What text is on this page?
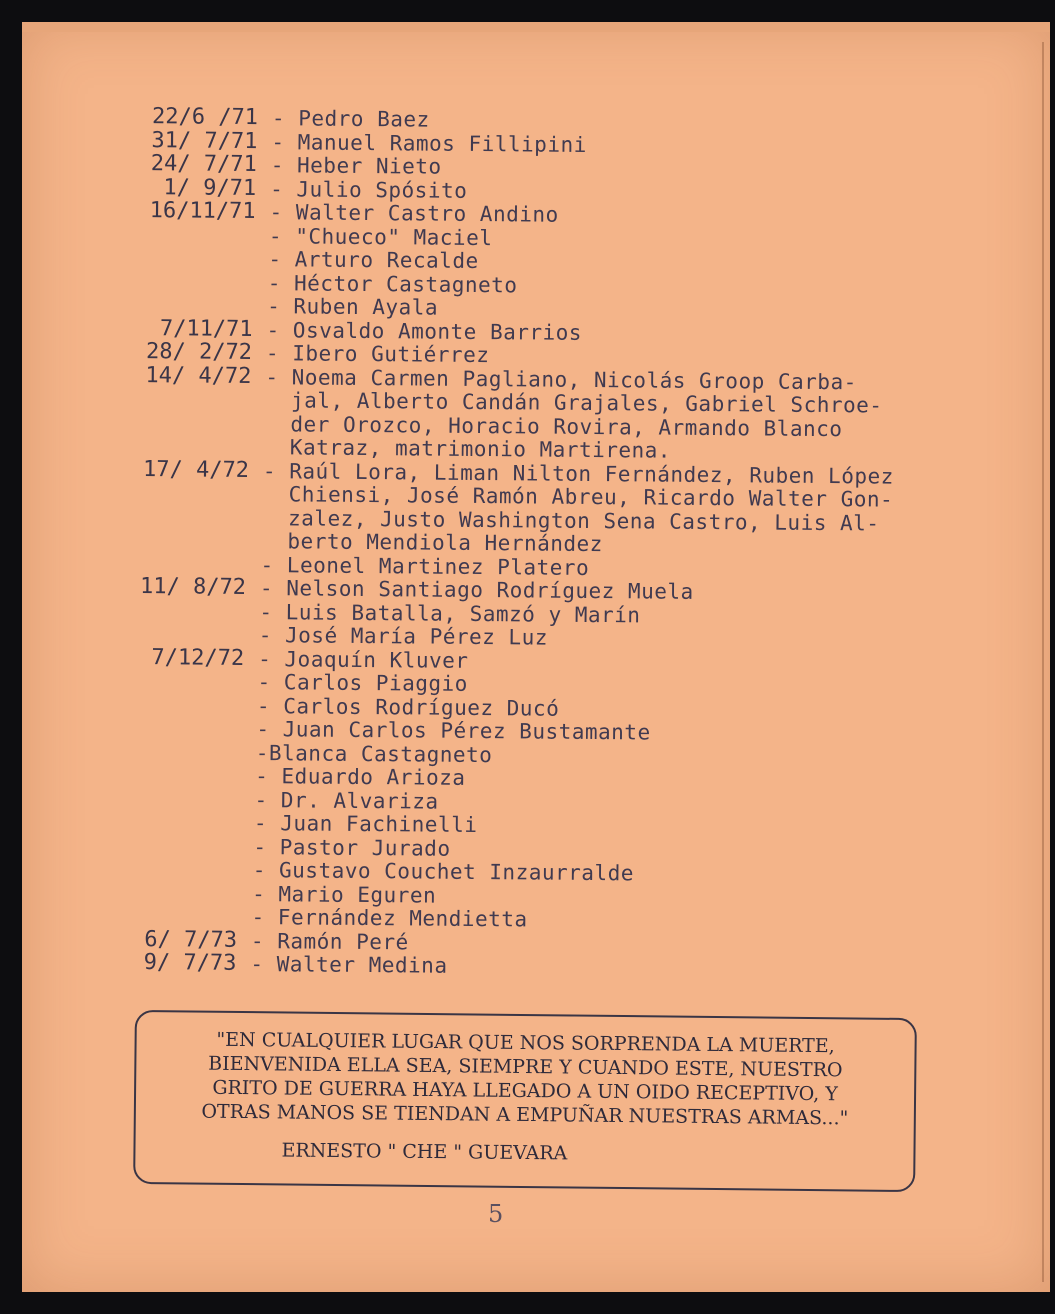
22/6 /71 - Pedro Baez
31/ 7/71 - Manuel Ramos Fillipini
24/ 7/71 - Heber Nieto
1/ 9/71 - Julio Spósito
16/11/71 - Walter Castro Andino
- "Chueco" Maciel
- Arturo Recalde
- Héctor Castagneto
- Ruben Ayala
7/11/71 - Osvaldo Amonte Barrios
28/ 2/72 - Ibero Gutiérrez
14/ 4/72 - Noema Carmen Pagliano, Nicolás Groop Carba-
jal, Alberto Candán Grajales, Gabriel Schroe-
der Orozco, Horacio Rovira, Armando Blanco
Katraz, matrimonio Martirena.
17/ 4/72 - Raúl Lora, Liman Nilton Fernández, Ruben López
Chiensi, José Ramón Abreu, Ricardo Walter Gon-
zalez, Justo Washington Sena Castro, Luis Al-
berto Mendiola Hernández
- Leonel Martinez Platero
11/ 8/72 - Nelson Santiago Rodríguez Muela
- Luis Batalla, Samzó y Marín
- José María Pérez Luz
7/12/72 - Joaquín Kluver
- Carlos Piaggio
- Carlos Rodríguez Ducó
- Juan Carlos Pérez Bustamante
-Blanca Castagneto
- Eduardo Arioza
- Dr. Alvariza
- Juan Fachinelli
- Pastor Jurado
- Gustavo Couchet Inzaurralde
- Mario Eguren
- Fernández Mendietta
6/ 7/73 - Ramón Peré
9/ 7/73 - Walter Medina
"EN CUALQUIER LUGAR QUE NOS SORPRENDA LA MUERTE,
BIENVENIDA ELLA SEA, SIEMPRE Y CUANDO ESTE, NUESTRO
GRITO DE GUERRA HAYA LLEGADO A UN OIDO RECEPTIVO, Y
OTRAS MANOS SE TIENDAN A EMPUÑAR NUESTRAS ARMAS..."
ERNESTO " CHE " GUEVARA
5
